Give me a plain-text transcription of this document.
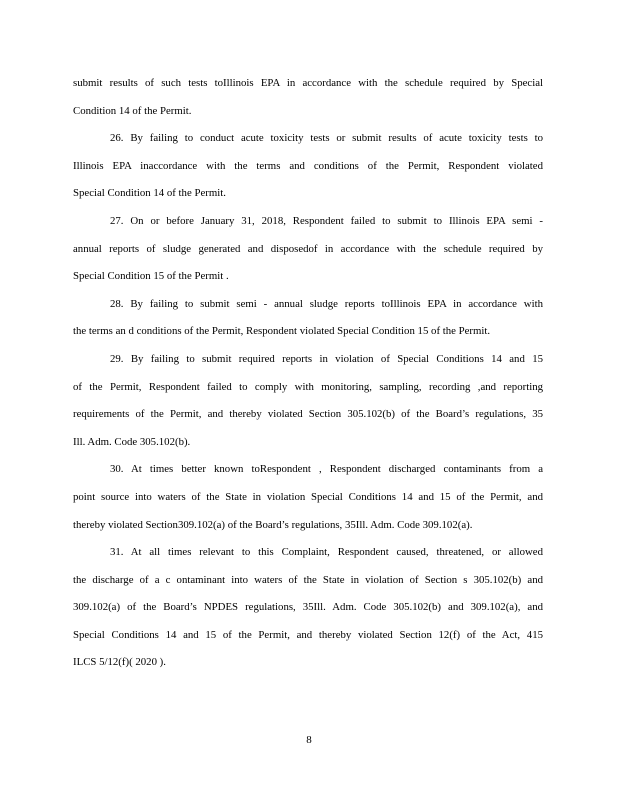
submit results of such tests toIllinois EPA in accordance with the schedule required by Special
Condition 14 of the Permit.
26. By failing to conduct acute toxicity tests or submit results of acute toxicity tests to
Illinois EPA inaccordance with the terms and conditions of the Permit, Respondent violated
Special Condition 14 of the Permit.
27. On or before January 31, 2018, Respondent failed to submit to Illinois EPA semi -
annual reports of sludge generated and disposedof in accordance with the schedule required by
Special Condition 15 of the Permit .
28. By failing to submit semi - annual sludge reports toIllinois EPA in accordance with
the terms an d conditions of the Permit, Respondent violated Special Condition 15 of the Permit.
29. By failing to submit required reports in violation of Special Conditions 14 and 15
of the Permit, Respondent failed to comply with monitoring, sampling, recording ,and reporting
requirements of the Permit, and thereby violated Section 305.102(b) of the Board’s regulations, 35
Ill. Adm. Code 305.102(b).
30. At times better known toRespondent , Respondent discharged contaminants from a
point source into waters of the State in violation Special Conditions 14 and 15 of the Permit, and
thereby violated Section309.102(a) of the Board’s regulations, 35Ill. Adm. Code 309.102(a).
31. At all times relevant to this Complaint, Respondent caused, threatened, or allowed
the discharge of a c ontaminant into waters of the State in violation of Section s 305.102(b) and
309.102(a) of the Board’s NPDES regulations, 35Ill. Adm. Code 305.102(b) and 309.102(a), and
Special Conditions 14 and 15 of the Permit, and thereby violated Section 12(f) of the Act, 415
ILCS 5/12(f)( 2020 ).
8
